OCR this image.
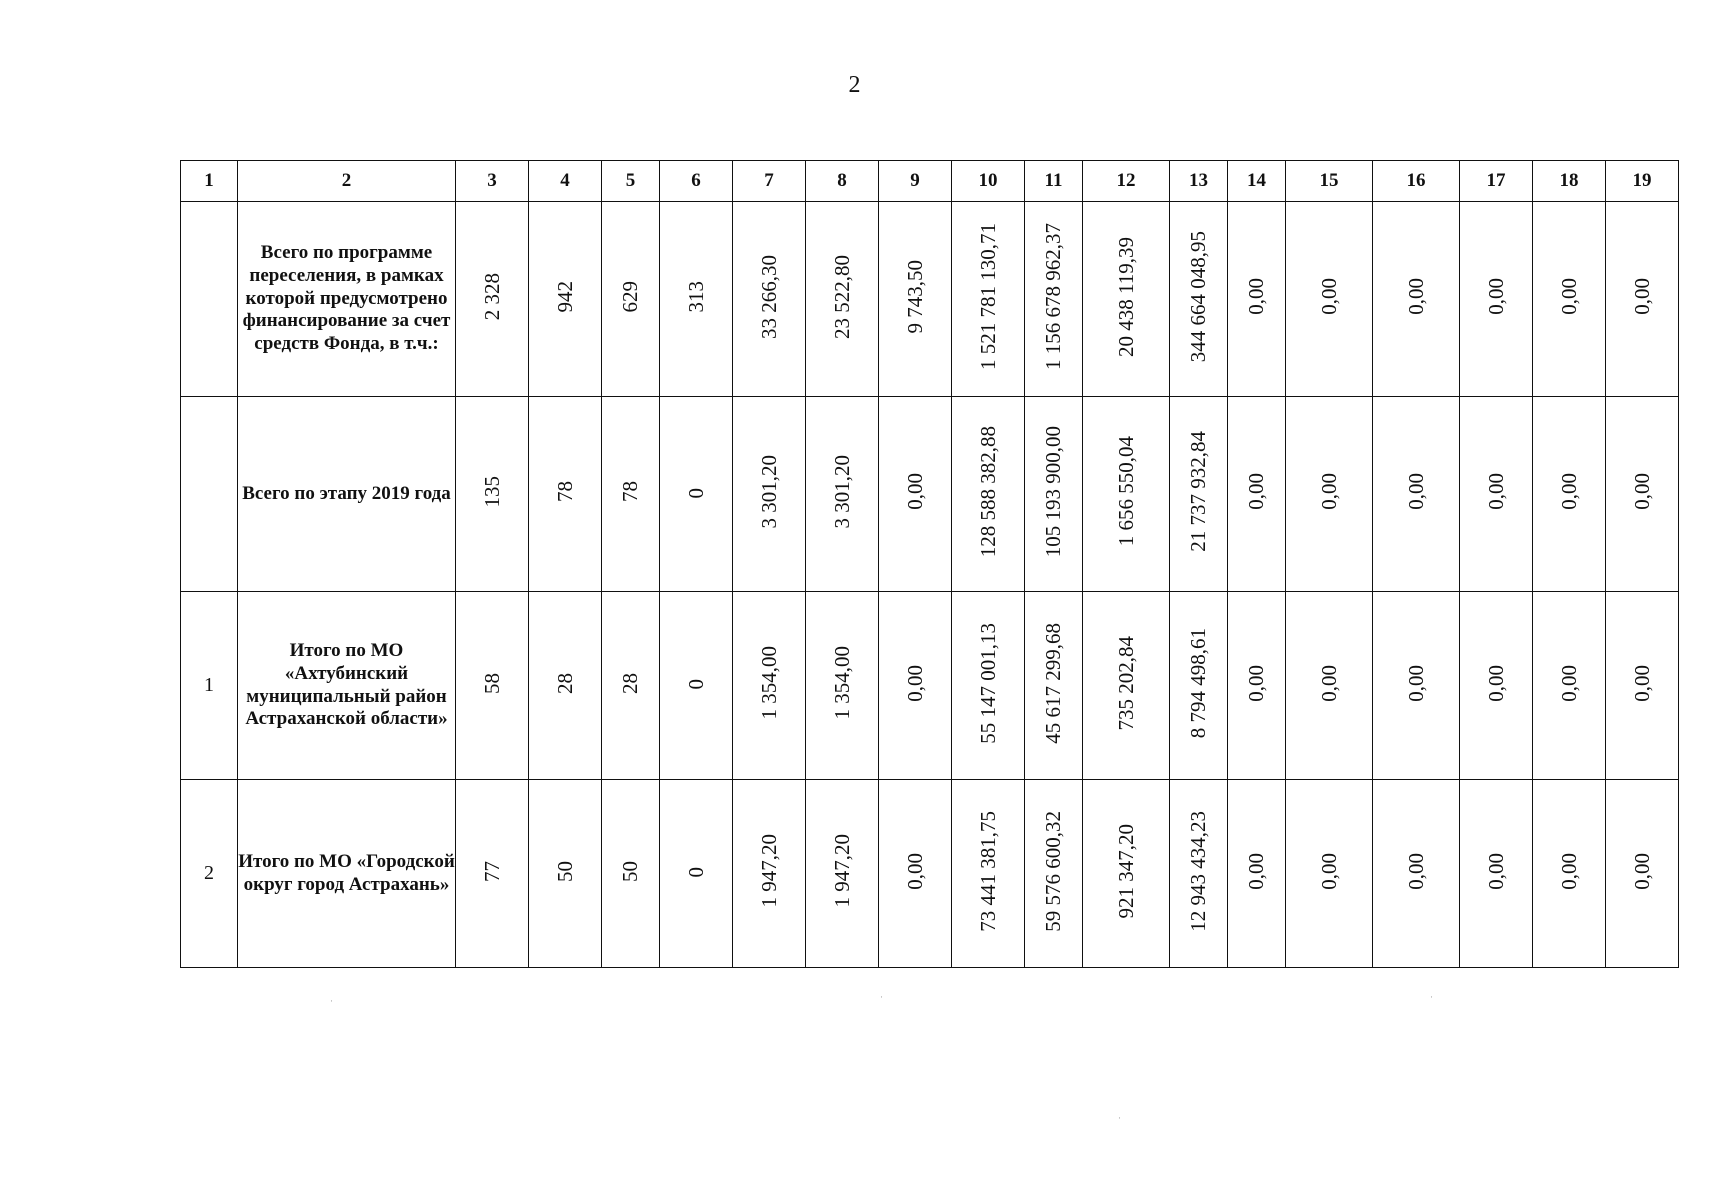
2
1	2	3	4	5	6	7	8	9	10	11	12	13	14	15	16	17	18	19
	Всего по программе переселения, в рамках которой предусмотрено финансирование за счет средств Фонда, в т.ч.:	2 328	942	629	313	33 266,30	23 522,80	9 743,50	1 521 781 130,71	1 156 678 962,37	20 438 119,39	344 664 048,95	0,00	0,00	0,00	0,00	0,00	0,00
	Всего по этапу 2019 года	135	78	78	0	3 301,20	3 301,20	0,00	128 588 382,88	105 193 900,00	1 656 550,04	21 737 932,84	0,00	0,00	0,00	0,00	0,00	0,00
1	Итого по МО «Ахтубинский муниципальный район Астраханской области»	58	28	28	0	1 354,00	1 354,00	0,00	55 147 001,13	45 617 299,68	735 202,84	8 794 498,61	0,00	0,00	0,00	0,00	0,00	0,00
2	Итого по МО «Городской округ город Астрахань»	77	50	50	0	1 947,20	1 947,20	0,00	73 441 381,75	59 576 600,32	921 347,20	12 943 434,23	0,00	0,00	0,00	0,00	0,00	0,00
·	·	·
·
